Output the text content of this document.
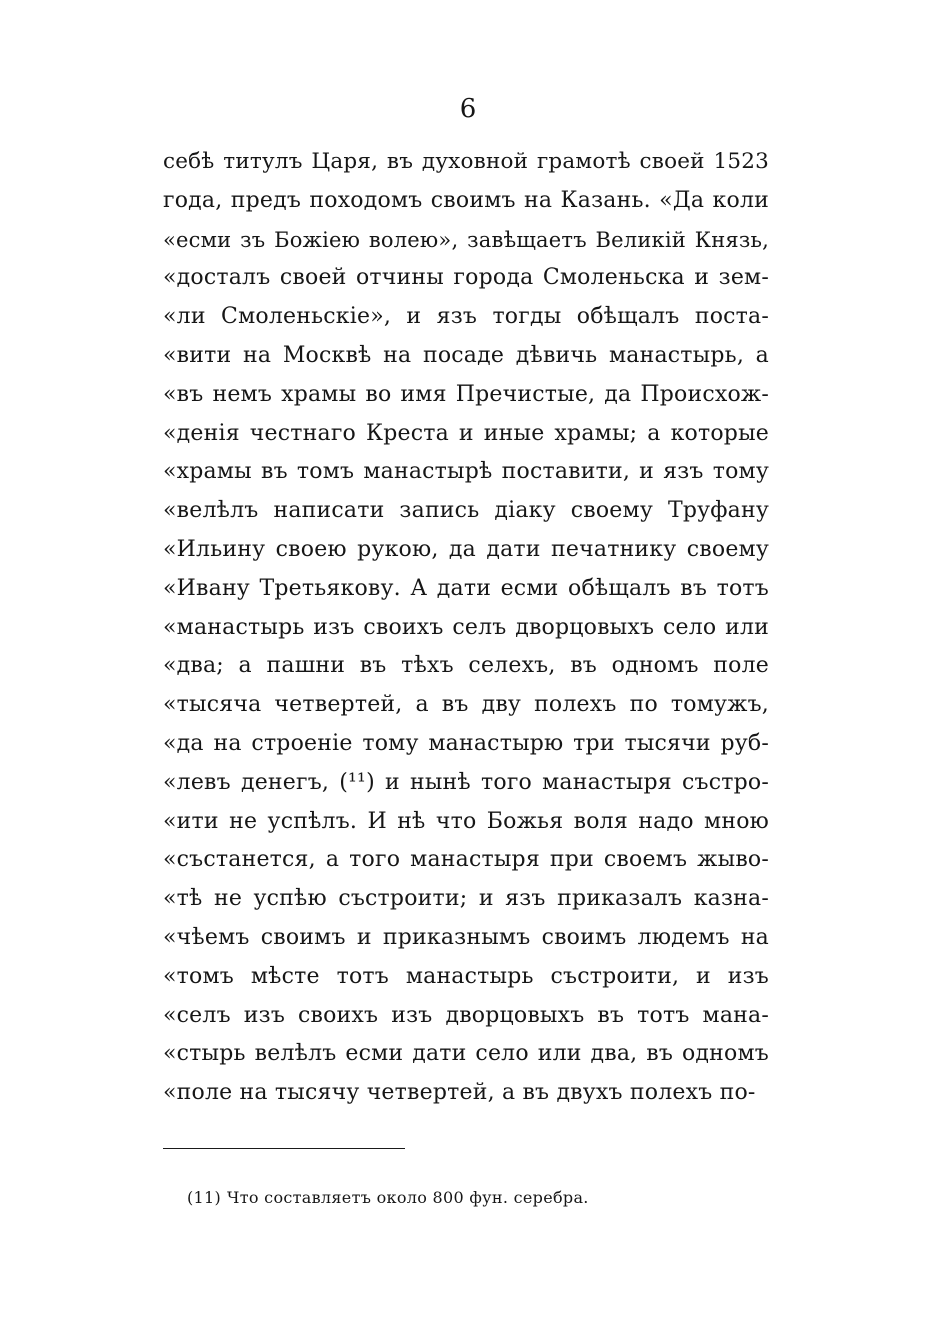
6
себѣ титулъ Царя, въ духовной грамотѣ своей 1523
года, предъ походомъ своимъ на Казань. «Да коли
«есми зъ Божіею волею», завѣщаетъ Великій Князь,
«досталъ своей отчины города Смоленьска и зем-
«ли Смоленьскіе», и язъ тогды обѣщалъ поста-
«вити на Москвѣ на посаде дѣвичь манастырь, а
«въ немъ храмы во имя Пречистые, да Происхож-
«денія честнаго Креста и иные храмы; а которые
«храмы въ томъ манастырѣ поставити, и язъ тому
«велѣлъ написати запись діаку своему Труфану
«Ильину своею рукою, да дати печатнику своему
«Ивану Третьякову. А дати есми обѣщалъ въ тотъ
«манастырь изъ своихъ селъ дворцовыхъ село или
«два; а пашни въ тѣхъ селехъ, въ одномъ поле
«тысяча четвертей, а въ дву полехъ по томужъ,
«да на строеніе тому манастырю три тысячи руб-
«левъ денегъ, (¹¹) и нынѣ того манастыря състро-
«ити не успѣлъ. И нѣ что Божья воля надо мною
«състанется, а того манастыря при своемъ жыво-
«тѣ не успѣю състроити; и язъ приказалъ казна-
«чѣемъ своимъ и приказнымъ своимъ людемъ на
«томъ мѣсте тотъ манастырь състроити, и изъ
«селъ изъ своихъ изъ дворцовыхъ въ тотъ мана-
«стырь велѣлъ есми дати село или два, въ одномъ
«поле на тысячу четвертей, а въ двухъ полехъ по-
(11) Что составляетъ около 800 фун. серебра.
